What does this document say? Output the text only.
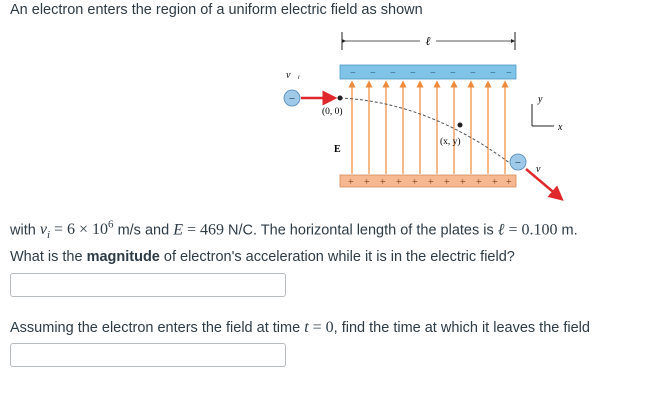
An electron enters the region of a uniform electric field as shown
ℓ
− − − − − − − − −
+ + + + + + + + + + +
(0, 0)
(x, y)
−
v⃗ᵢ
E⃗
−
v⃗
y
x
with $v_i = 6 \times 10^6$ m/s and E = 469 N/C. The horizontal length of the plates is ℓ = 0.100 m.
What is the magnitude of electron's acceleration while it is in the electric field?
Assuming the electron enters the field at time t = 0, find the time at which it leaves the field
